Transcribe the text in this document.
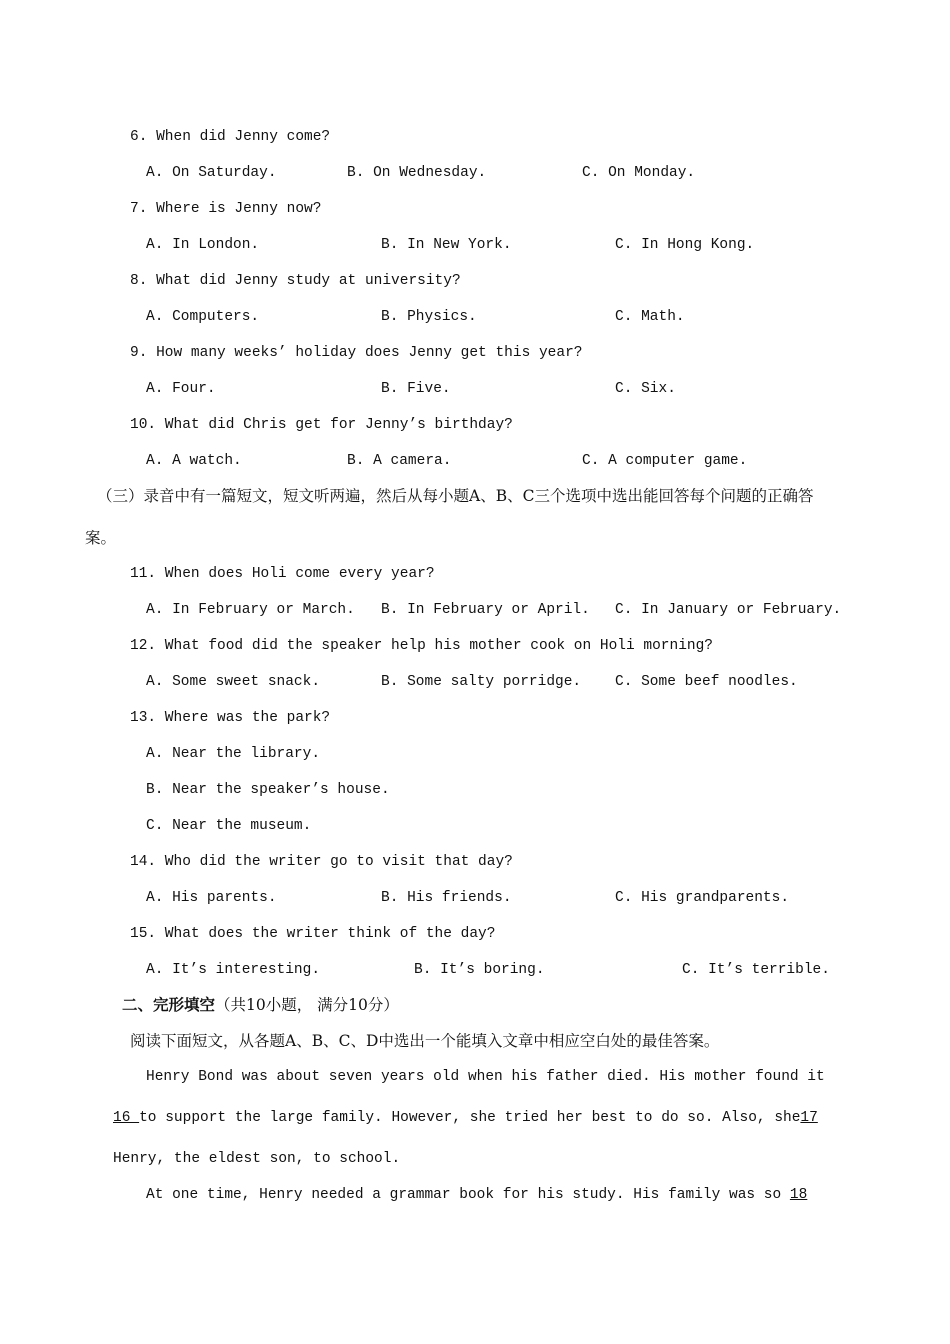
6. When did Jenny come?
A. On Saturday.	B. On Wednesday.	C. On Monday.
7. Where is Jenny now?
A. In London.	B. In New York.	C. In Hong Kong.
8. What did Jenny study at university?
A. Computers.	B. Physics.	C. Math.
9. How many weeks’ holiday does Jenny get this year?
A. Four.	B. Five.	C. Six.
10. What did Chris get for Jenny’s birthday?
A. A watch.	B. A camera.	C. A computer game.
（三）录音中有一篇短文，短文听两遍，然后从每小题A、B、C三个选项中选出能回答每个问题的正确答
案。
11. When does Holi come every year?
A. In February or March. B. In February or April. C. In January or February.
12. What food did the speaker help his mother cook on Holi morning?
A. Some sweet snack.	B. Some salty porridge. C. Some beef noodles.
13. Where was the park?
A. Near the library.
B. Near the speaker’s house.
C. Near the museum.
14. Who did the writer go to visit that day?
A. His parents.	B. His friends.	C. His grandparents.
15. What does the writer think of the day?
A. It’s interesting.	B. It’s boring.	C. It’s terrible.
二、完形填空（共10小题， 满分10分）
阅读下面短文，从各题A、B、C、D中选出一个能填入文章中相应空白处的最佳答案。
Henry Bond was about seven years old when his father died. His mother found it
16 to support the large family. However, she tried her best to do so. Also, she17
Henry, the eldest son, to school.
At one time, Henry needed a grammar book for his study. His family was so 18
